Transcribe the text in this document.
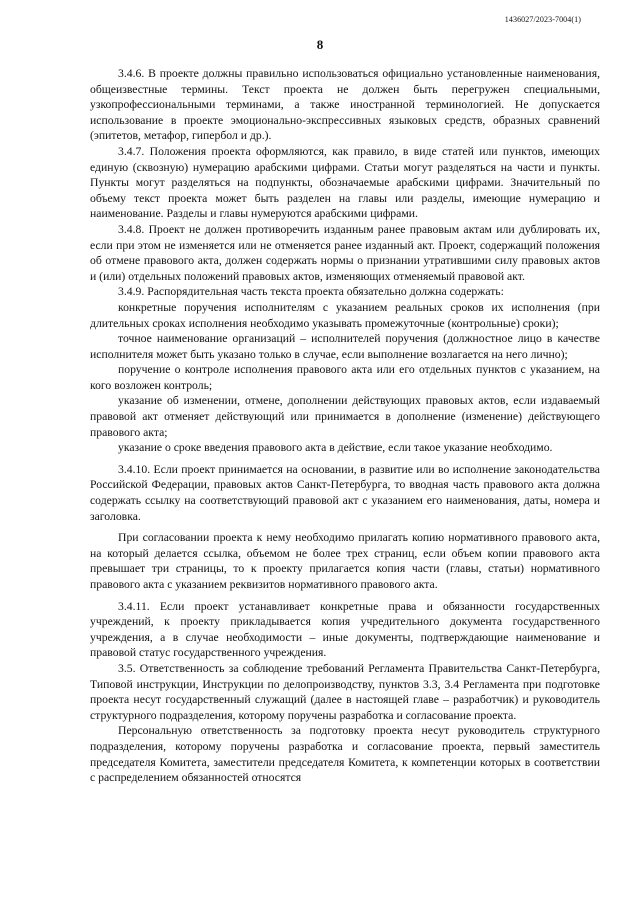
1436027/2023-7004(1)
8

3.4.6. В проекте должны правильно использоваться официально установленные наименования, общеизвестные термины. Текст проекта не должен быть перегружен специальными, узкопрофессиональными терминами, а также иностранной терминологией. Не допускается использование в проекте эмоционально-экспрессивных языковых средств, образных сравнений (эпитетов, метафор, гипербол и др.).

3.4.7. Положения проекта оформляются, как правило, в виде статей или пунктов, имеющих единую (сквозную) нумерацию арабскими цифрами. Статьи могут разделяться на части и пункты. Пункты могут разделяться на подпункты, обозначаемые арабскими цифрами. Значительный по объему текст проекта может быть разделен на главы или разделы, имеющие нумерацию и наименование. Разделы и главы нумеруются арабскими цифрами.

3.4.8. Проект не должен противоречить изданным ранее правовым актам или дублировать их, если при этом не изменяется или не отменяется ранее изданный акт. Проект, содержащий положения об отмене правового акта, должен содержать нормы о признании утратившими силу правовых актов и (или) отдельных положений правовых актов, изменяющих отменяемый правовой акт.

3.4.9. Распорядительная часть текста проекта обязательно должна содержать:

конкретные поручения исполнителям с указанием реальных сроков их исполнения (при длительных сроках исполнения необходимо указывать промежуточные (контрольные) сроки);

точное наименование организаций – исполнителей поручения (должностное лицо в качестве исполнителя может быть указано только в случае, если выполнение возлагается на него лично);

поручение о контроле исполнения правового акта или его отдельных пунктов с указанием, на кого возложен контроль;

указание об изменении, отмене, дополнении действующих правовых актов, если издаваемый правовой акт отменяет действующий или принимается в дополнение (изменение) действующего правового акта;

указание о сроке введения правового акта в действие, если такое указание необходимо.

3.4.10. Если проект принимается на основании, в развитие или во исполнение законодательства Российской Федерации, правовых актов Санкт-Петербурга, то вводная часть правового акта должна содержать ссылку на соответствующий правовой акт с указанием его наименования, даты, номера и заголовка.

При согласовании проекта к нему необходимо прилагать копию нормативного правового акта, на который делается ссылка, объемом не более трех страниц, если объем копии правового акта превышает три страницы, то к проекту прилагается копия части (главы, статьи) нормативного правового акта с указанием реквизитов нормативного правового акта.

3.4.11. Если проект устанавливает конкретные права и обязанности государственных учреждений, к проекту прикладывается копия учредительного документа государственного учреждения, а в случае необходимости – иные документы, подтверждающие наименование и правовой статус государственного учреждения.

3.5. Ответственность за соблюдение требований Регламента Правительства Санкт-Петербурга, Типовой инструкции, Инструкции по делопроизводству, пунктов 3.3, 3.4 Регламента при подготовке проекта несут государственный служащий (далее в настоящей главе – разработчик) и руководитель структурного подразделения, которому поручены разработка и согласование проекта.

Персональную ответственность за подготовку проекта несут руководитель структурного подразделения, которому поручены разработка и согласование проекта, первый заместитель председателя Комитета, заместители председателя Комитета, к компетенции которых в соответствии с распределением обязанностей относятся
